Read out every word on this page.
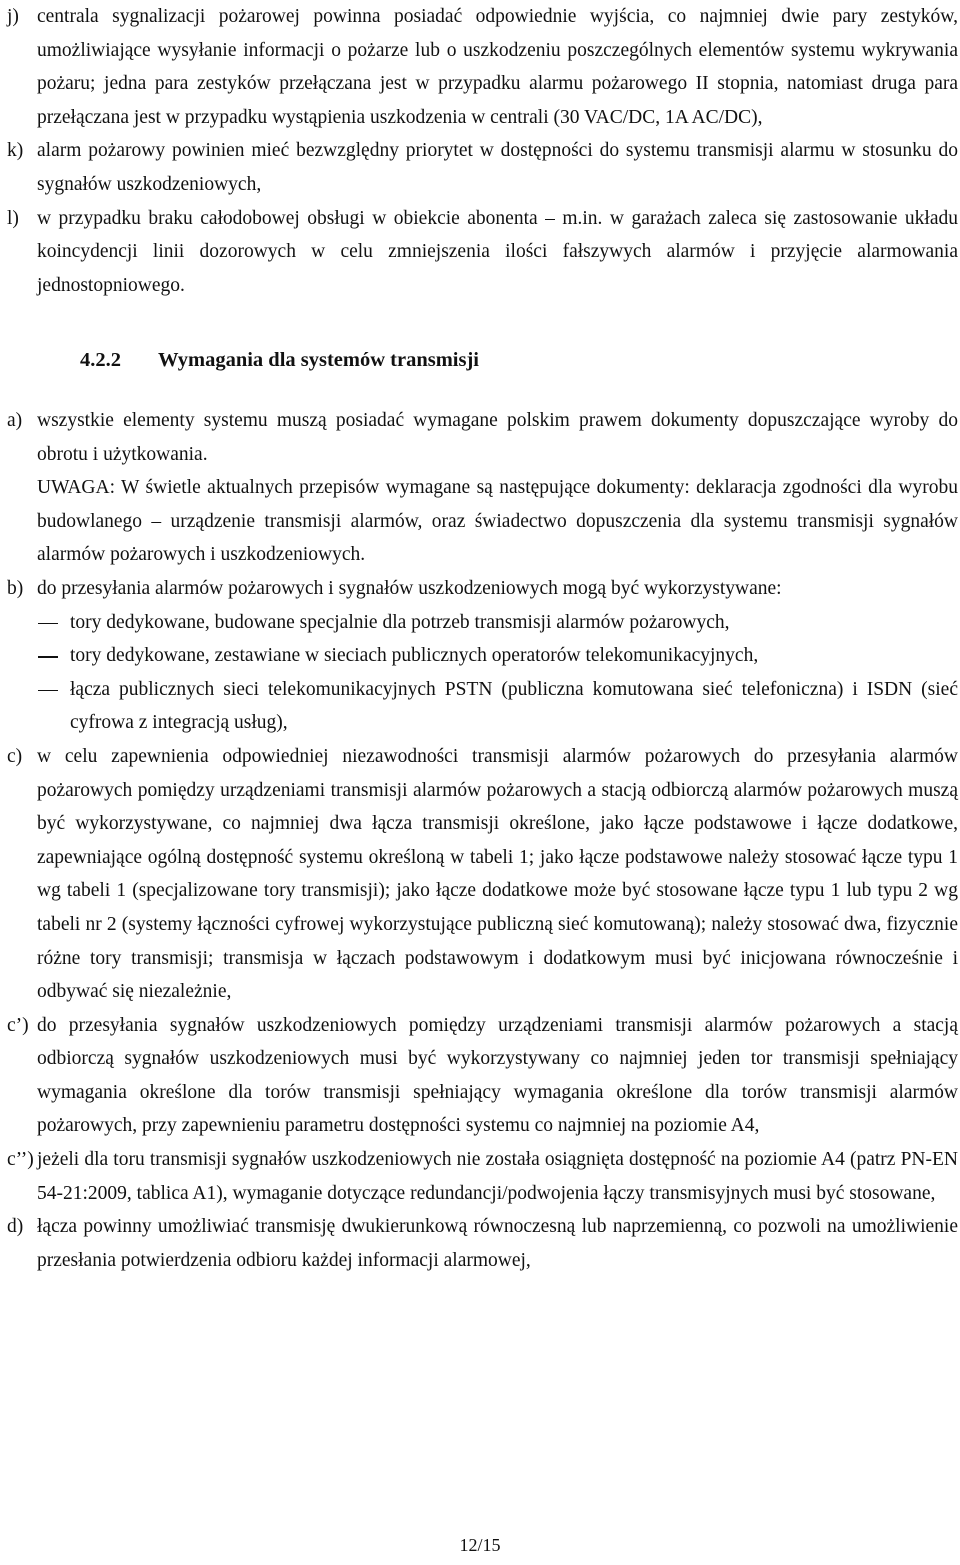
j) centrala sygnalizacji pożarowej powinna posiadać odpowiednie wyjścia, co najmniej dwie pary zestyków, umożliwiające wysyłanie informacji o pożarze lub o uszkodzeniu poszczególnych elementów systemu wykrywania pożaru; jedna para zestyków przełączana jest w przypadku alarmu pożarowego II stopnia, natomiast druga para przełączana jest w przypadku wystąpienia uszkodzenia w centrali (30 VAC/DC, 1A AC/DC),
k) alarm pożarowy powinien mieć bezwzględny priorytet w dostępności do systemu transmisji alarmu w stosunku do sygnałów uszkodzeniowych,
l) w przypadku braku całodobowej obsługi w obiekcie abonenta – m.in. w garażach zaleca się zastosowanie układu koincydencji linii dozorowych w celu zmniejszenia ilości fałszywych alarmów i przyjęcie alarmowania jednostopniowego.
4.2.2	Wymagania dla systemów transmisji
a) wszystkie elementy systemu muszą posiadać wymagane polskim prawem dokumenty dopuszczające wyroby do obrotu i użytkowania.
UWAGA: W świetle aktualnych przepisów wymagane są następujące dokumenty: deklaracja zgodności dla wyrobu budowlanego – urządzenie transmisji alarmów, oraz świadectwo dopuszczenia dla systemu transmisji sygnałów alarmów pożarowych i uszkodzeniowych.
b) do przesyłania alarmów pożarowych i sygnałów uszkodzeniowych mogą być wykorzystywane:
tory dedykowane, budowane specjalnie dla potrzeb transmisji alarmów pożarowych,
tory dedykowane, zestawiane w sieciach publicznych operatorów telekomunikacyjnych,
łącza publicznych sieci telekomunikacyjnych PSTN (publiczna komutowana sieć telefoniczna) i ISDN (sieć cyfrowa z integracją usług),
c) w celu zapewnienia odpowiedniej niezawodności transmisji alarmów pożarowych do przesyłania alarmów pożarowych pomiędzy urządzeniami transmisji alarmów pożarowych a stacją odbiorczą alarmów pożarowych muszą być wykorzystywane, co najmniej dwa łącza transmisji określone, jako łącze podstawowe i łącze dodatkowe, zapewniające ogólną dostępność systemu określoną w tabeli 1; jako łącze podstawowe należy stosować łącze typu 1 wg tabeli 1 (specjalizowane tory transmisji); jako łącze dodatkowe może być stosowane łącze typu 1 lub typu 2 wg tabeli nr 2 (systemy łączności cyfrowej wykorzystujące publiczną sieć komutowaną); należy stosować dwa, fizycznie różne tory transmisji; transmisja w łączach podstawowym i dodatkowym musi być inicjowana równocześnie i odbywać się niezależnie,
c’) do przesyłania sygnałów uszkodzeniowych pomiędzy urządzeniami transmisji alarmów pożarowych a stacją odbiorczą sygnałów uszkodzeniowych musi być wykorzystywany co najmniej jeden tor transmisji spełniający wymagania określone dla torów transmisji spełniający wymagania określone dla torów transmisji alarmów pożarowych, przy zapewnieniu parametru dostępności systemu co najmniej na poziomie A4,
c’’) jeżeli dla toru transmisji sygnałów uszkodzeniowych nie została osiągnięta dostępność na poziomie A4 (patrz PN-EN 54-21:2009, tablica A1), wymaganie dotyczące redundancji/podwojenia łączy transmisyjnych musi być stosowane,
d) łącza powinny umożliwiać transmisję dwukierunkową równoczesną lub naprzemienną, co pozwoli na umożliwienie przesłania potwierdzenia odbioru każdej informacji alarmowej,
12/15
